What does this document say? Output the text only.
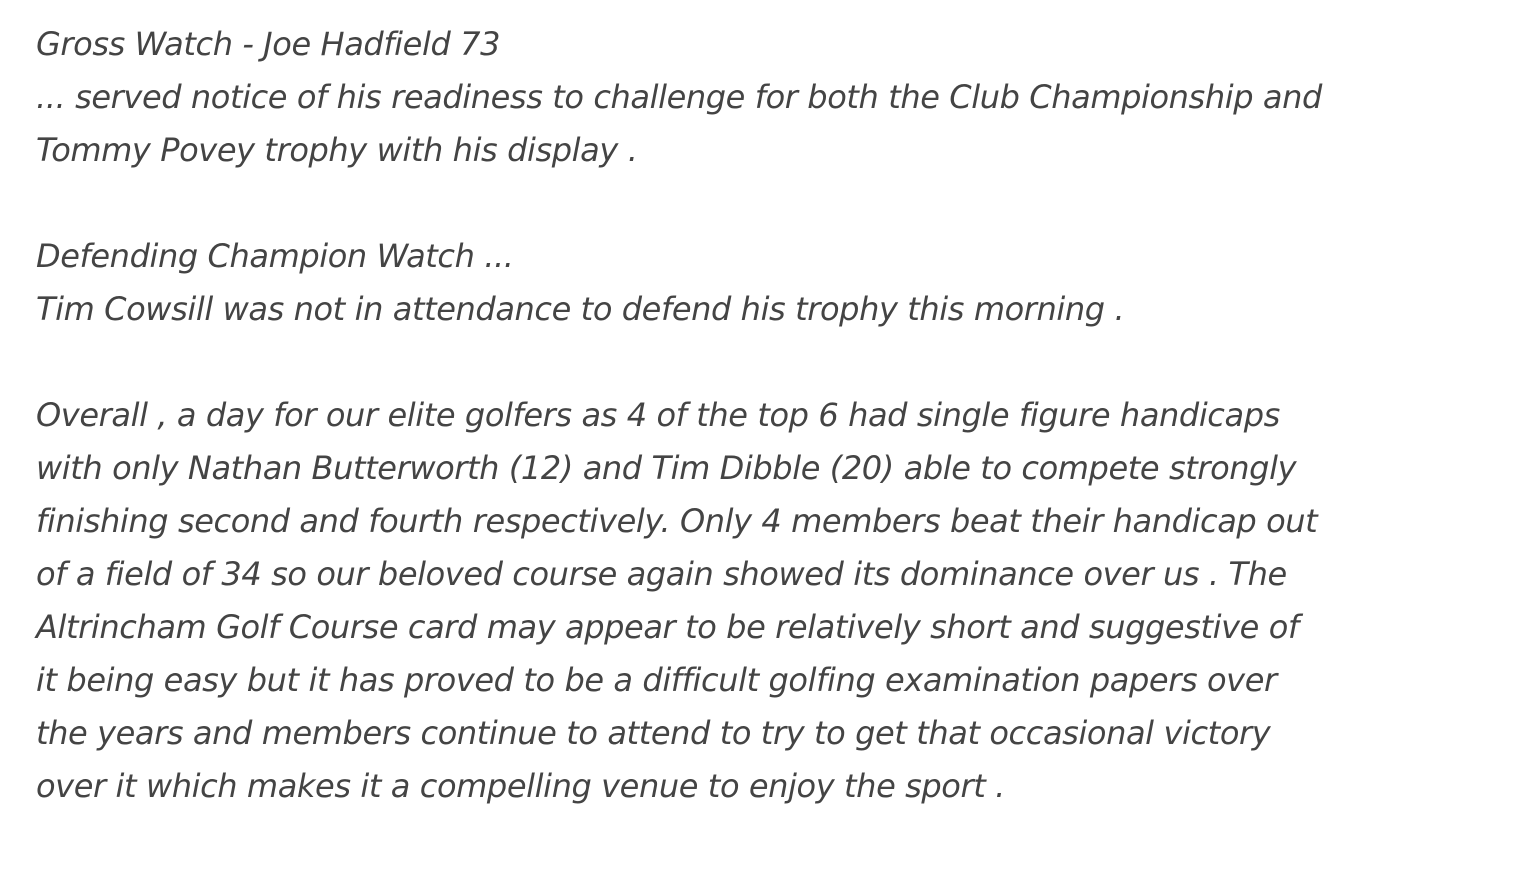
Gross Watch - Joe Hadfield 73
... served notice of his readiness to challenge for both the Club Championship and
Tommy Povey trophy with his display .
Defending Champion Watch ...
Tim Cowsill was not in attendance to defend his trophy this morning .
Overall , a day for our elite golfers as 4 of the top 6 had single figure handicaps
with only Nathan Butterworth (12) and Tim Dibble (20) able to compete strongly
finishing second and fourth respectively. Only 4 members beat their handicap out
of a field of 34 so our beloved course again showed its dominance over us . The
Altrincham Golf Course card may appear to be relatively short and suggestive of
it being easy but it has proved to be a difficult golfing examination papers over
the years and members continue to attend to try to get that occasional victory
over it which makes it a compelling venue to enjoy the sport .
